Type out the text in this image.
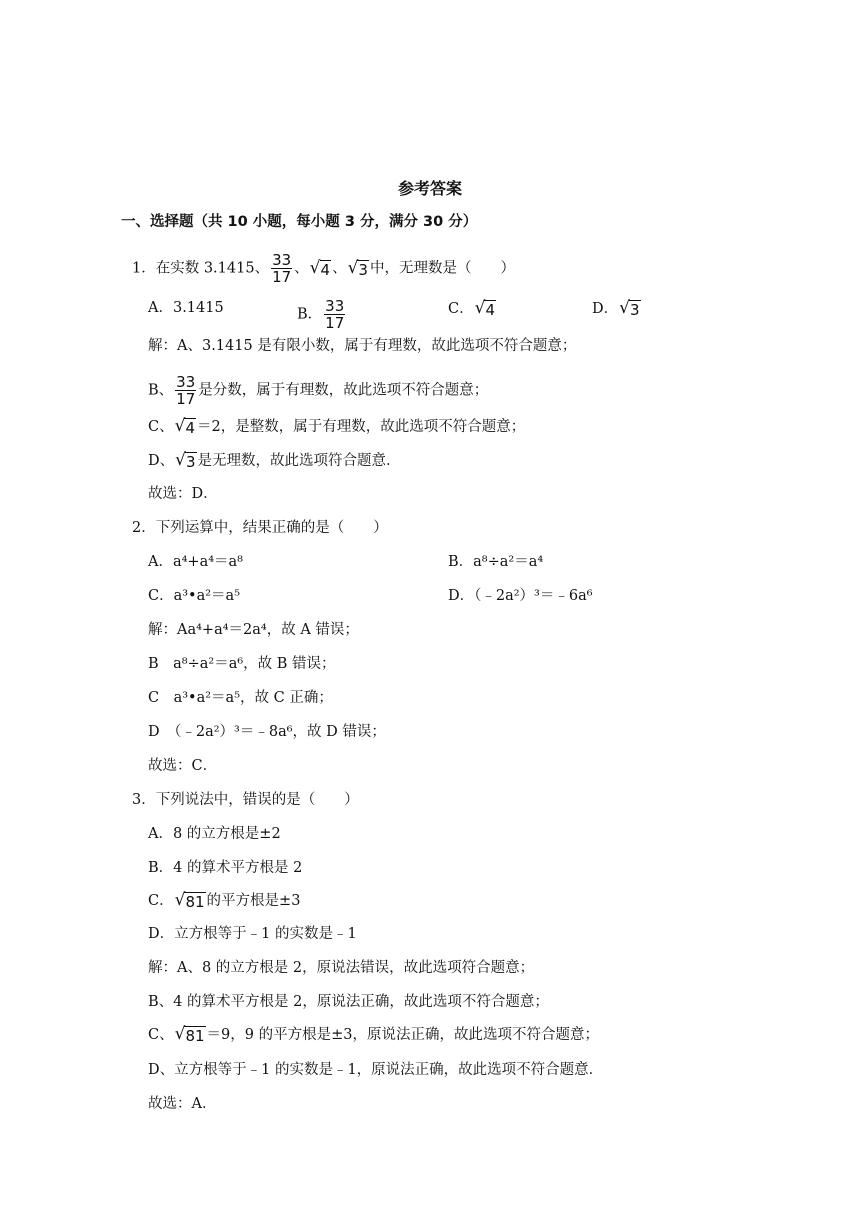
参考答案
一、选择题（共 10 小题，每小题 3 分，满分 30 分）
1．在实数 3.1415、 $\frac{33}{17}$ 、 √ 4 、 √ 3 中，无理数是（　　）
A．3.1415	B． $\frac{33}{17}$	C． √ 4	D． √ 3
解：A、3.1415 是有限小数，属于有理数，故此选项不符合题意；
B、 $\frac{33}{17}$ 是分数，属于有理数，故此选项不符合题意；
C、 √ 4 ＝2，是整数，属于有理数，故此选项不符合题意；
D、 √ 3 是无理数，故此选项符合题意．
故选：D．
2．下列运算中，结果正确的是（　　）
A．a⁴+a⁴＝a⁸	B．a⁸÷a²＝a⁴
C．a³•a²＝a⁵	D．（﹣2a²）³＝﹣6a⁶
解：Aa⁴+a⁴＝2a⁴，故 A 错误；
B　a⁸÷a²＝a⁶，故 B 错误；
C　a³•a²＝a⁵，故 C 正确；
D　（﹣2a²）³＝﹣8a⁶，故 D 错误；
故选：C．
3．下列说法中，错误的是（　　）
A．8 的立方根是±2
B．4 的算术平方根是 2
C． √ 81 的平方根是±3
D．立方根等于﹣1 的实数是﹣1
解：A、8 的立方根是 2，原说法错误，故此选项符合题意；
B、4 的算术平方根是 2，原说法正确，故此选项不符合题意；
C、 √ 81 ＝9，9 的平方根是±3，原说法正确，故此选项不符合题意；
D、立方根等于﹣1 的实数是﹣1，原说法正确，故此选项不符合题意．
故选：A．
